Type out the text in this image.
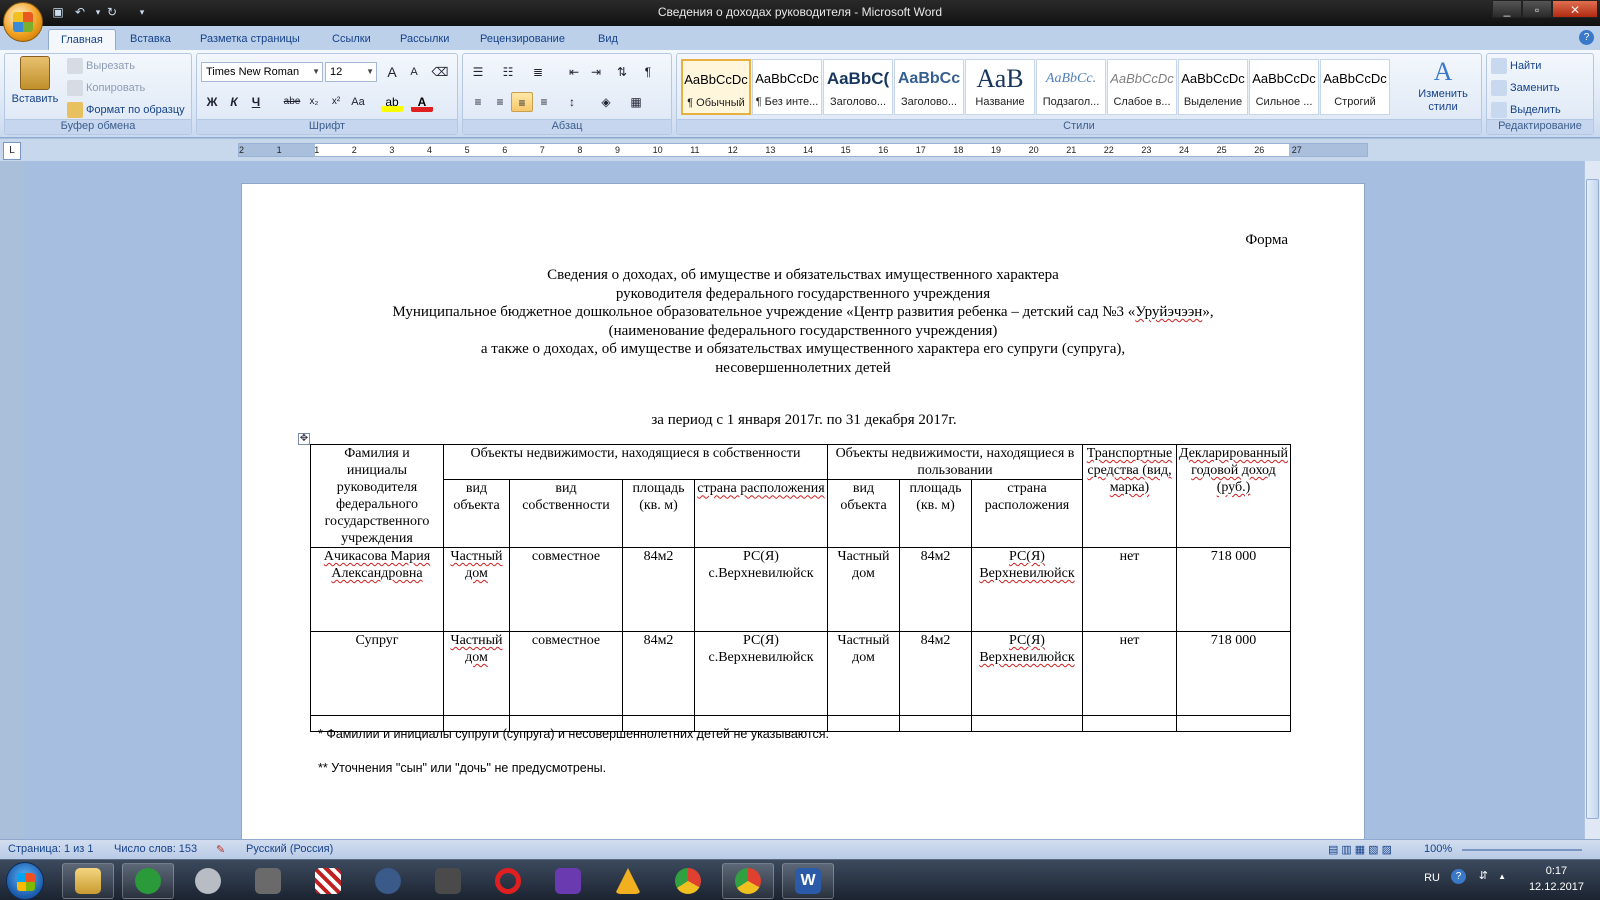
▣ ↶	▾ ↻	▾	Сведения о доходах руководителя - Microsoft Word	_	▫	✕
Главная	Вставка	Разметка страницы	Ссылки	Рассылки	Рецензирование	Вид	?
Вставить
Вырезать
Копировать
Формат по образцу
Буфер обмена
Times New Roman ▼ 12	▼ A	A	⌫
Ж	К	Ч	abe x₂	x²	Aa	ab	A
Шрифт
☰	☷	≣	⇤ ⇥	⇅	¶
≡	≡	≡	≡	↕	◈	▦
Абзац
AaBbCcDc
¶ Обычный
AaBbCcDc
¶ Без инте...
AaBbC(
Заголово...
AaBbCc
Заголово...
АаВ
Название
AaBbCc.
Подзагол...
AaBbCcDc
Слабое в...
AaBbCcDc
Выделение
AaBbCcDc
Сильное ...
AaBbCcDc
Строгий
A
Изменить стили
Стили
Найти
Заменить
Выделить
Редактирование
L	2	1	1	2	3	4	5	6	7	8	9	10	11	12	13	14	15	16	17	18	19	20	21	22	23	24	25	26	27
Форма
Сведения о доходах, об имуществе и обязательствах имущественного характера
руководителя федерального государственного учреждения
Муниципальное бюджетное дошкольное образовательное учреждение «Центр развития ребенка – детский сад №3 «Уруйэчээн»,
(наименование федерального государственного учреждения)
а также о доходах, об имуществе и обязательствах имущественного характера его супруги (супруга),
несовершеннолетних детей
за период с 1 января 2017г. по 31 декабря 2017г.
✥
Фамилия и инициалы руководителя федерального государственного учреждения	Объекты недвижимости, находящиеся в собственности				Объекты недвижимости, находящиеся в пользовании			Транспортные средства (вид, марка)	Декларированный годовой доход (руб.)
	вид объекта	вид собственности	площадь (кв. м)	страна расположения	вид объекта	площадь (кв. м)	страна расположения		
Ачикасова Мария Александровна	Частный дом	совместное	84м2	РС(Я) с.Верхневилюйск	Частный дом	84м2	РС(Я) Верхневилюйск	нет	718 000
Супруг	Частный дом	совместное	84м2	РС(Я) с.Верхневилюйск	Частный дом	84м2	РС(Я) Верхневилюйск	нет	718 000

* Фамилии и инициалы супруги (супруга) и несовершеннолетних детей не указываются.
** Уточнения "сын" или "дочь" не предусмотрены.
Страница: 1 из 1 Число слов: 153 ✎ Русский (Россия)	▤▥▦▧▨	100%
W	RU	?	⇵ ▲	0:17
12.12.2017
